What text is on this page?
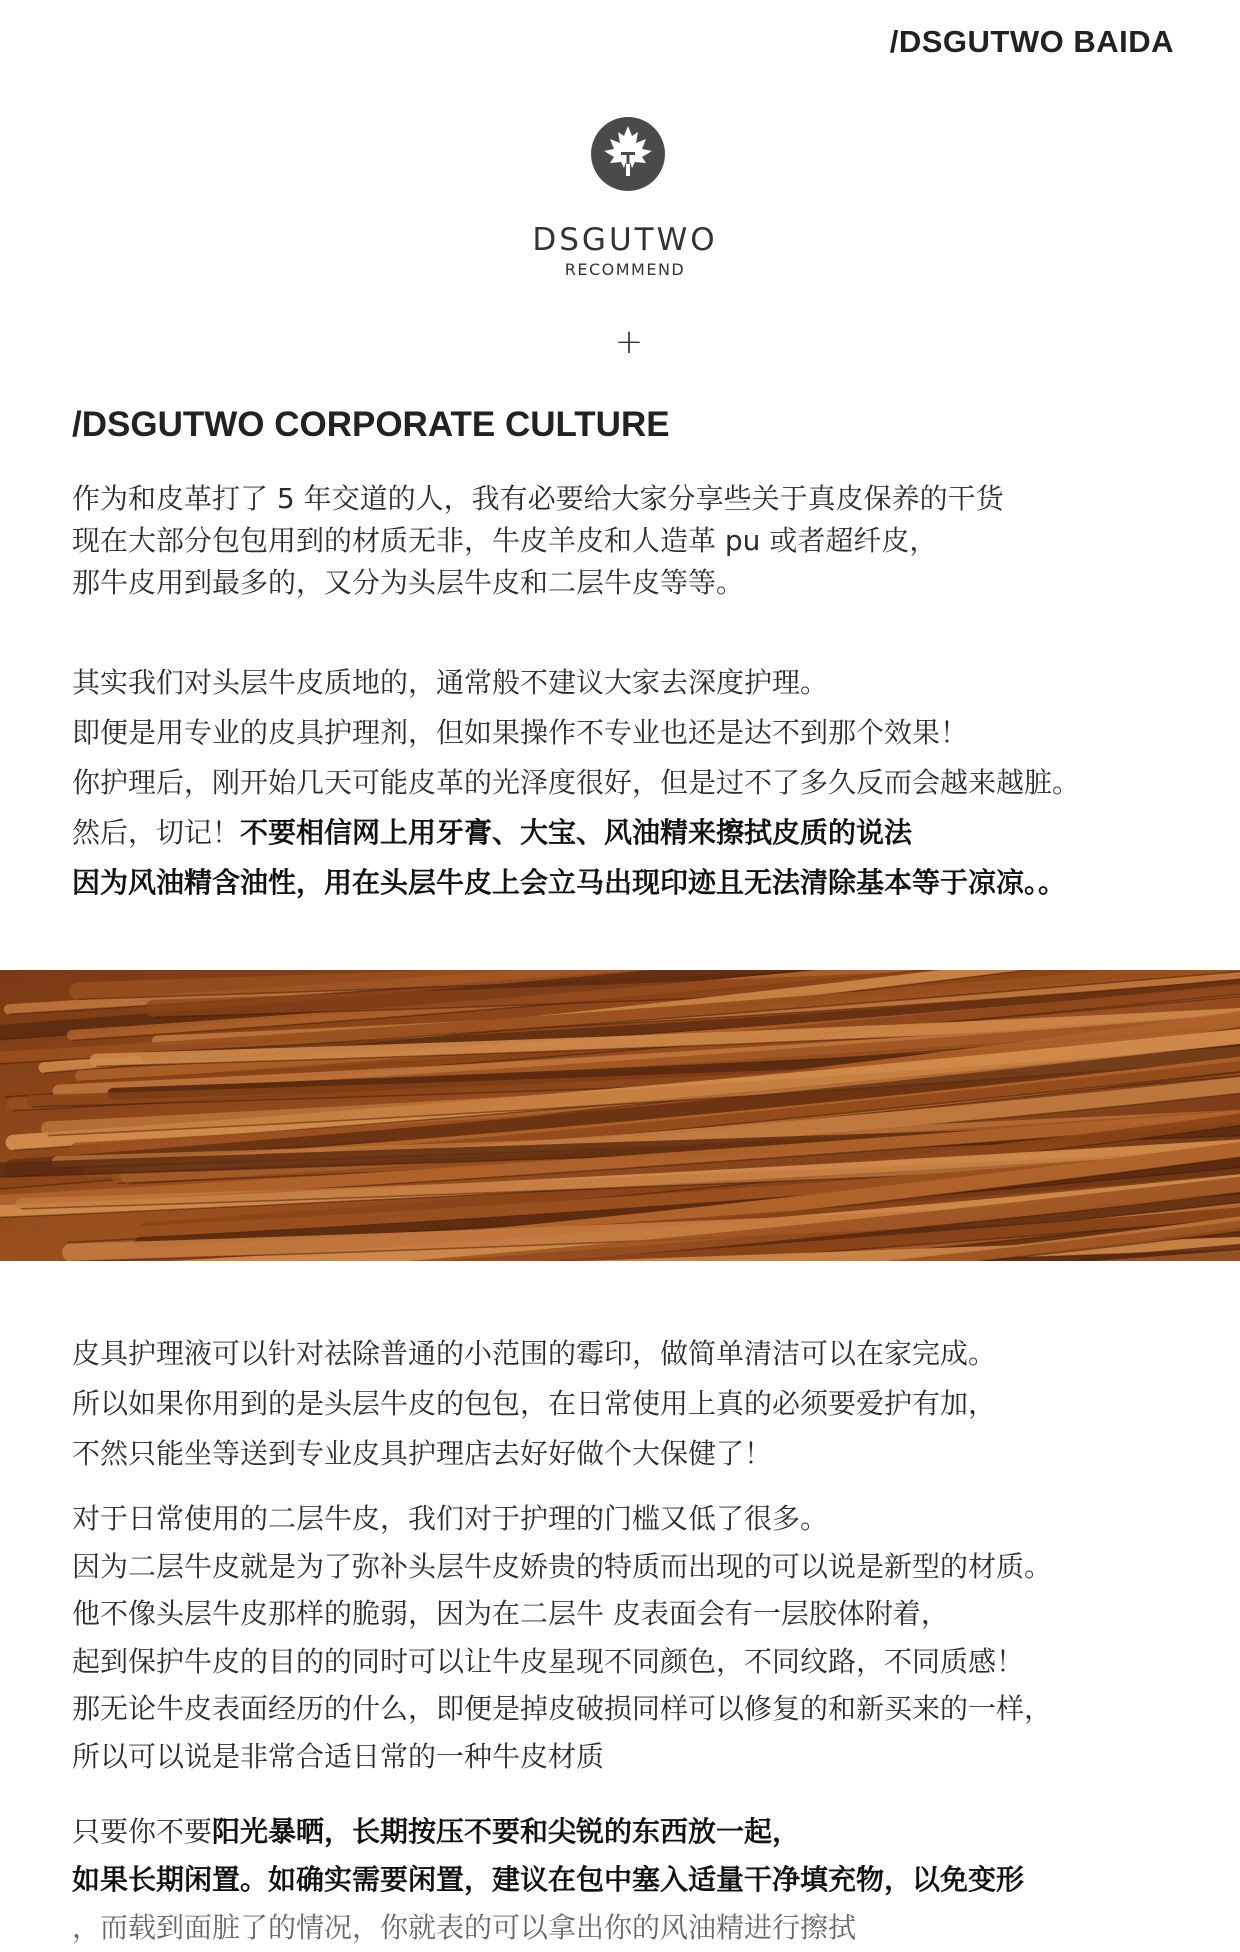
/DSGUTWO BAIDA
DSGUTWO
RECOMMEND
+
/DSGUTWO CORPORATE CULTURE
作为和皮革打了 5 年交道的人，我有必要给大家分享些关于真皮保养的干货
现在大部分包包用到的材质无非，牛皮羊皮和人造革 pu 或者超纤皮，
那牛皮用到最多的，又分为头层牛皮和二层牛皮等等。
其实我们对头层牛皮质地的，通常般不建议大家去深度护理。
即便是用专业的皮具护理剂，但如果操作不专业也还是达不到那个效果！
你护理后，刚开始几天可能皮革的光泽度很好，但是过不了多久反而会越来越脏。
然后，切记！不要相信网上用牙膏、大宝、风油精来擦拭皮质的说法
因为风油精含油性，用在头层牛皮上会立马出现印迹且无法清除基本等于凉凉。。
皮具护理液可以针对祛除普通的小范围的霉印，做简单清洁可以在家完成。
所以如果你用到的是头层牛皮的包包，在日常使用上真的必须要爱护有加，
不然只能坐等送到专业皮具护理店去好好做个大保健了！
对于日常使用的二层牛皮，我们对于护理的门槛又低了很多。
因为二层牛皮就是为了弥补头层牛皮娇贵的特质而出现的可以说是新型的材质。
他不像头层牛皮那样的脆弱，因为在二层牛 皮表面会有一层胶体附着，
起到保护牛皮的目的的同时可以让牛皮星现不同颜色，不同纹路，不同质感！
那无论牛皮表面经历的什么，即便是掉皮破损同样可以修复的和新买来的一样，
所以可以说是非常合适日常的一种牛皮材质
只要你不要阳光暴晒，长期按压不要和尖锐的东西放一起，
如果长期闲置。如确实需要闲置，建议在包中塞入适量干净填充物，以免变形
，而载到面脏了的情况，你就表的可以拿出你的风油精进行擦拭
